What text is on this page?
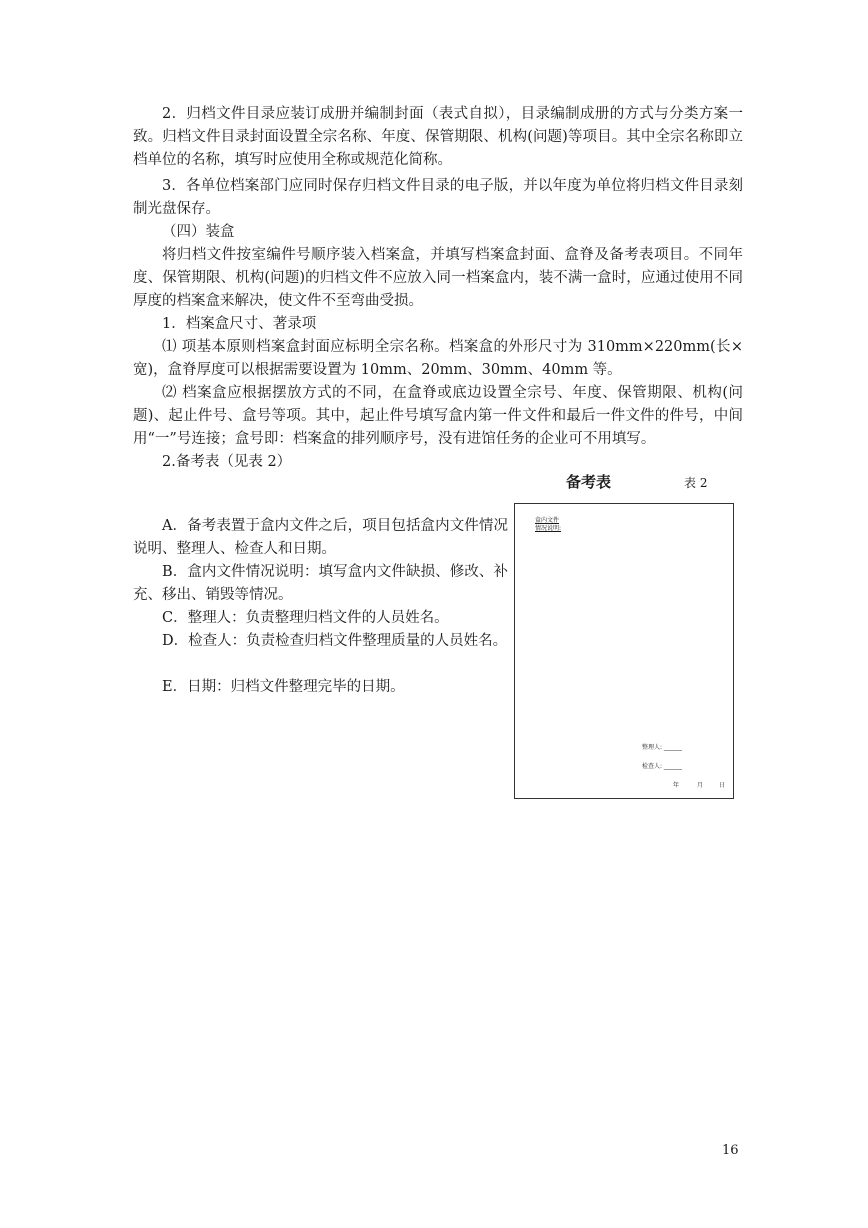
2．归档文件目录应装订成册并编制封面（表式自拟），目录编制成册的方式与分类方案一致。归档文件目录封面设置全宗名称、年度、保管期限、机构(问题)等项目。其中全宗名称即立档单位的名称，填写时应使用全称或规范化简称。

3．各单位档案部门应同时保存归档文件目录的电子版，并以年度为单位将归档文件目录刻制光盘保存。

（四）装盒

将归档文件按室编件号顺序装入档案盒，并填写档案盒封面、盒脊及备考表项目。不同年度、保管期限、机构(问题)的归档文件不应放入同一档案盒内，装不满一盒时，应通过使用不同厚度的档案盒来解决，使文件不至弯曲受损。

1．档案盒尺寸、著录项

⑴ 项基本原则档案盒封面应标明全宗名称。档案盒的外形尺寸为 310mm×220mm(长×宽)，盒脊厚度可以根据需要设置为 10mm、20mm、30mm、40mm 等。

⑵ 档案盒应根据摆放方式的不同，在盒脊或底边设置全宗号、年度、保管期限、机构(问题)、起止件号、盒号等项。其中，起止件号填写盒内第一件文件和最后一件文件的件号，中间用“一”号连接；盒号即：档案盒的排列顺序号，没有进馆任务的企业可不用填写。

2.备考表（见表 2）

A．备考表置于盒内文件之后，项目包括盒内文件情况说明、整理人、检查人和日期。

B．盒内文件情况说明：填写盒内文件缺损、修改、补充、移出、销毁等情况。

C．整理人：负责整理归档文件的人员姓名。

D．检查人：负责检查归档文件整理质量的人员姓名。

E．日期：归档文件整理完毕的日期。

备考表	表 2
盒内文件
情况说明:
整理人: ______
检查人: ______
年	月	日
16
